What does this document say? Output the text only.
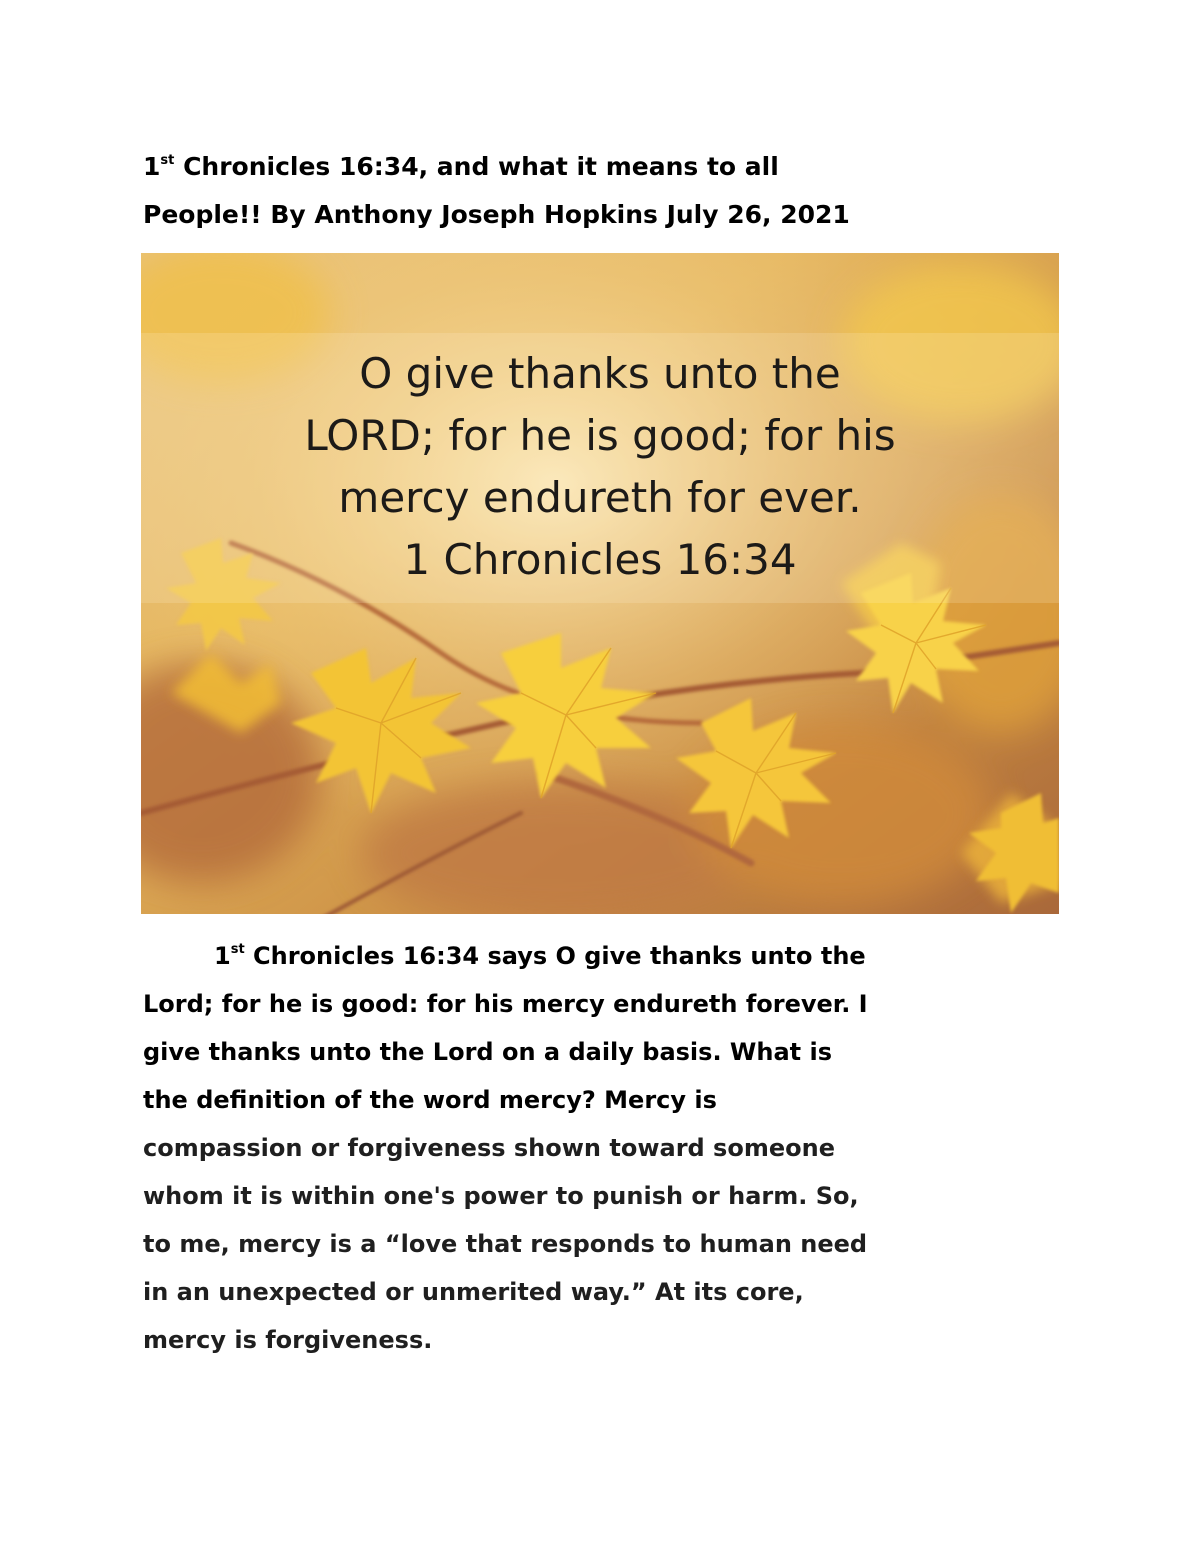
1st Chronicles 16:34, and what it means to all
People!! By Anthony Joseph Hopkins July 26, 2021

O give thanks unto the
LORD; for he is good; for his
mercy endureth for ever.
1 Chronicles 16:34

1st Chronicles 16:34 says O give thanks unto the
Lord; for he is good: for his mercy endureth forever. I
give thanks unto the Lord on a daily basis. What is
the definition of the word mercy? Mercy is
compassion or forgiveness shown toward someone
whom it is within one's power to punish or harm. So,
to me, mercy is a “love that responds to human need
in an unexpected or unmerited way.” At its core,
mercy is forgiveness.
